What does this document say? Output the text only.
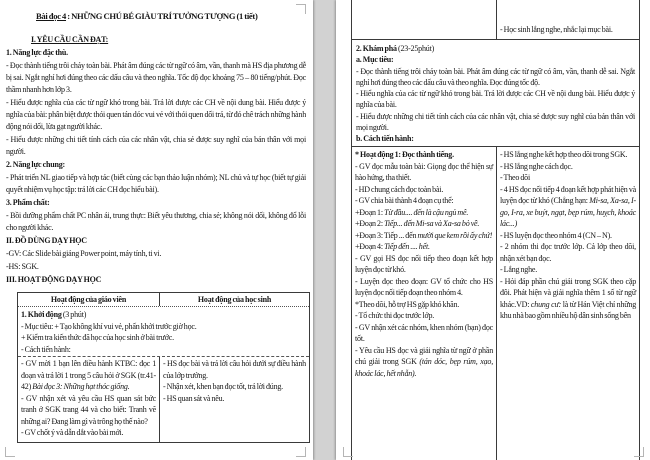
Bài đọc 4 : NHỮNG CHÚ BÉ GIÀU TRÍ TƯỞNG TƯỢNG (1 tiết)
I. YÊU CẦU CẦN ĐẠT:
1. Năng lực đặc thù.
- Đọc thành tiếng trôi chảy toàn bài. Phát âm đúng các từ ngữ có âm, vần, thanh mà HS địa phương dễ bị sai. Ngắt nghỉ hơi đúng theo các dấu câu và theo nghĩa. Tốc độ đọc khoảng 75 – 80 tiếng/phút. Đọc thầm nhanh hơn lớp 3.
- Hiểu được nghĩa của các từ ngữ khó trong bài. Trả lời được các CH về nội dung bài. Hiểu được ý nghĩa của bài: phân biệt được thói quen tán dóc vui vẻ với thói quen dối trá, từ đó chê trách những hành động nói dối, lừa gạt người khác.
- Hiểu được những chi tiết tính cách của các nhân vật, chia sẻ được suy nghĩ của bản thân với mọi người.
2. Năng lực chung:
- Phát triển NL giao tiếp và hợp tác (biết cùng các bạn thảo luận nhóm); NL chủ và tự học (biết tự giải quyết nhiệm vụ học tập: trả lời các CH đọc hiểu bài).
3. Phẩm chất:
- Bồi dưỡng phẩm chất PC nhân ái, trung thực: Biết yêu thương, chia sẻ; không nói dối, không đổ lỗi cho người khác.
II. ĐỒ DÙNG DẠY HỌC
-GV: Các Slide bài giảng Power point, máy tính, ti vi.
-HS: SGK.
III. HOẠT ĐỘNG DẠY HỌC
Hoạt động của giáo viên	Hoạt động của học sinh
1. Khởi động (3 phút)
- Mục tiêu: + Tạo không khí vui vẻ, phấn khởi trước giờ học.
+ Kiểm tra kiến thức đã học của học sinh ở bài trước.
- Cách tiến hành:
- GV mời 1 bạn lên điều hành KTBC: đọc 1 đoạn và trả lời 1 trong 5 câu hỏi ở SGK (tr.41- 42) Bài đọc 3: Những hạt thóc giống.
- GV nhận xét và yêu cầu HS quan sát bức tranh ở SGK trang 44 và cho biết: Tranh vẽ những ai? Đang làm gì và trông họ thế nào?
- GV chốt ý và dẫn dắt vào bài mới.
- HS đọc bài và trả lời câu hỏi dưới sự điều hành của lớp trưởng.
- Nhận xét, khen bạn đọc tốt, trả lời đúng.
- HS quan sát và nêu.
- Học sinh lắng nghe, nhắc lại mục bài.
2. Khám phá (23-25phút)
a. Mục tiêu:
- Đọc thành tiếng trôi chảy toàn bài. Phát âm đúng các từ ngữ có âm, vần, thanh dễ sai. Ngắt nghỉ hơi đúng theo các dấu câu và theo nghĩa. Đọc đúng tốc độ.
- Hiểu nghĩa của các từ ngữ khó trong bài. Trả lời được các CH về nội dung bài. Hiểu được ý nghĩa của bài.
- Hiểu được những chi tiết tính cách của các nhân vật, chia sẻ được suy nghĩ của bản thân với mọi người.
b. Cách tiến hành:
* Hoạt động 1: Đọc thành tiếng.
- GV đọc mẫu toàn bài: Giọng đọc thể hiện sự hào hứng, tha thiết.
- HD chung cách đọc toàn bài.
- GV chia bài thành 4 đoạn cụ thể:
+Đoạn 1: Từ đầu.... đến là cậu ngủ mê.
+Đoạn 2: Tiếp... đến Mi-sa và Xa-sa bỏ về.
+Đoạn 3: Tiếp ... đến mười que kem rồi ấy chứ!
+Đoạn 4: Tiếp đến .... hết.
- GV gọi HS đọc nối tiếp theo đoạn kết hợp luyện đọc từ khó.
- Luyện đọc theo đoạn: GV tổ chức cho HS luyện đọc nối tiếp đoạn theo nhóm 4.
*Theo dõi, hỗ trợ HS gặp khó khăn.
- Tổ chức thi đọc trước lớp.
- GV nhận xét các nhóm, khen nhóm (bạn) đọc tốt.
- Yêu cầu HS đọc và giải nghĩa từ ngữ ở phần chú giải trong SGK (tán dóc, bẹp rúm, xạo, khoác lác, hết nhẵn).
- HS lắng nghe kết hợp theo dõi trong SGK.
- HS lắng nghe cách đọc.
- Theo dõi
- 4 HS đọc nối tiếp 4 đoạn kết hợp phát hiện và luyện đọc từ khó (Chẳng hạn: Mi-sa, Xa-sa, I-go, I-ra, xe buýt, ngạt, bẹp rúm, huỵch, khoác lác...)
- HS luyện đọc theo nhóm 4 (CN – N).
- 2 nhóm thi đọc trước lớp. Cả lớp theo dõi, nhận xét bạn đọc.
- Lắng nghe.
- Hỏi đáp phần chú giải trong SGK theo cặp đôi. Phát hiện và giải nghĩa thêm 1 số từ ngữ khác.VD: chung cư: là từ Hán Việt chỉ những khu nhà bao gồm nhiều hộ dân sinh sống bên
